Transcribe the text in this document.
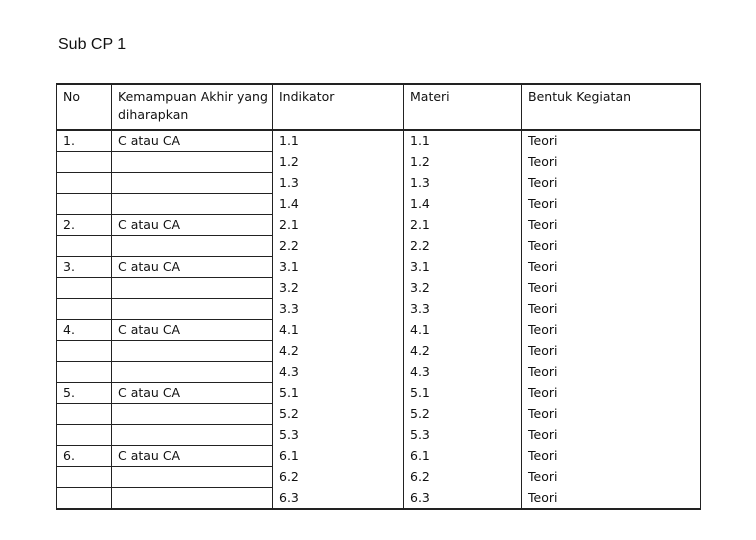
Sub CP 1
No	Kemampuan Akhir yang diharapkan	Indikator	Materi	Bentuk Kegiatan
1.	C atau CA	1.1	1.1	Teori
		1.2	1.2	Teori
		1.3	1.3	Teori
		1.4	1.4	Teori
2.	C atau CA	2.1	2.1	Teori
		2.2	2.2	Teori
3.	C atau CA	3.1	3.1	Teori
		3.2	3.2	Teori
		3.3	3.3	Teori
4.	C atau CA	4.1	4.1	Teori
		4.2	4.2	Teori
		4.3	4.3	Teori
5.	C atau CA	5.1	5.1	Teori
		5.2	5.2	Teori
		5.3	5.3	Teori
6.	C atau CA	6.1	6.1	Teori
		6.2	6.2	Teori
		6.3	6.3	Teori
